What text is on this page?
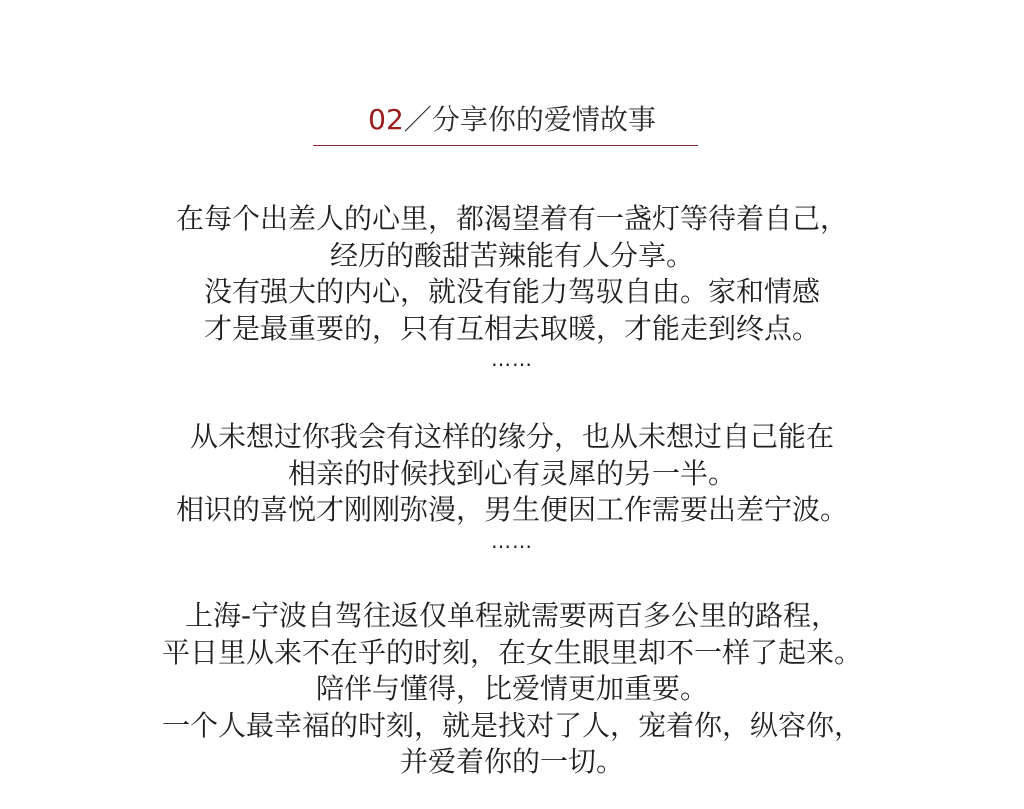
02／分享你的爱情故事
在每个出差人的心里，都渴望着有一盏灯等待着自己，
经历的酸甜苦辣能有人分享。
没有强大的内心，就没有能力驾驭自由。家和情感
才是最重要的，只有互相去取暖，才能走到终点。
……
从未想过你我会有这样的缘分，也从未想过自己能在
相亲的时候找到心有灵犀的另一半。
相识的喜悦才刚刚弥漫，男生便因工作需要出差宁波。
……
上海-宁波自驾往返仅单程就需要两百多公里的路程，
平日里从来不在乎的时刻，在女生眼里却不一样了起来。
陪伴与懂得，比爱情更加重要。
一个人最幸福的时刻，就是找对了人，宠着你，纵容你，
并爱着你的一切。
